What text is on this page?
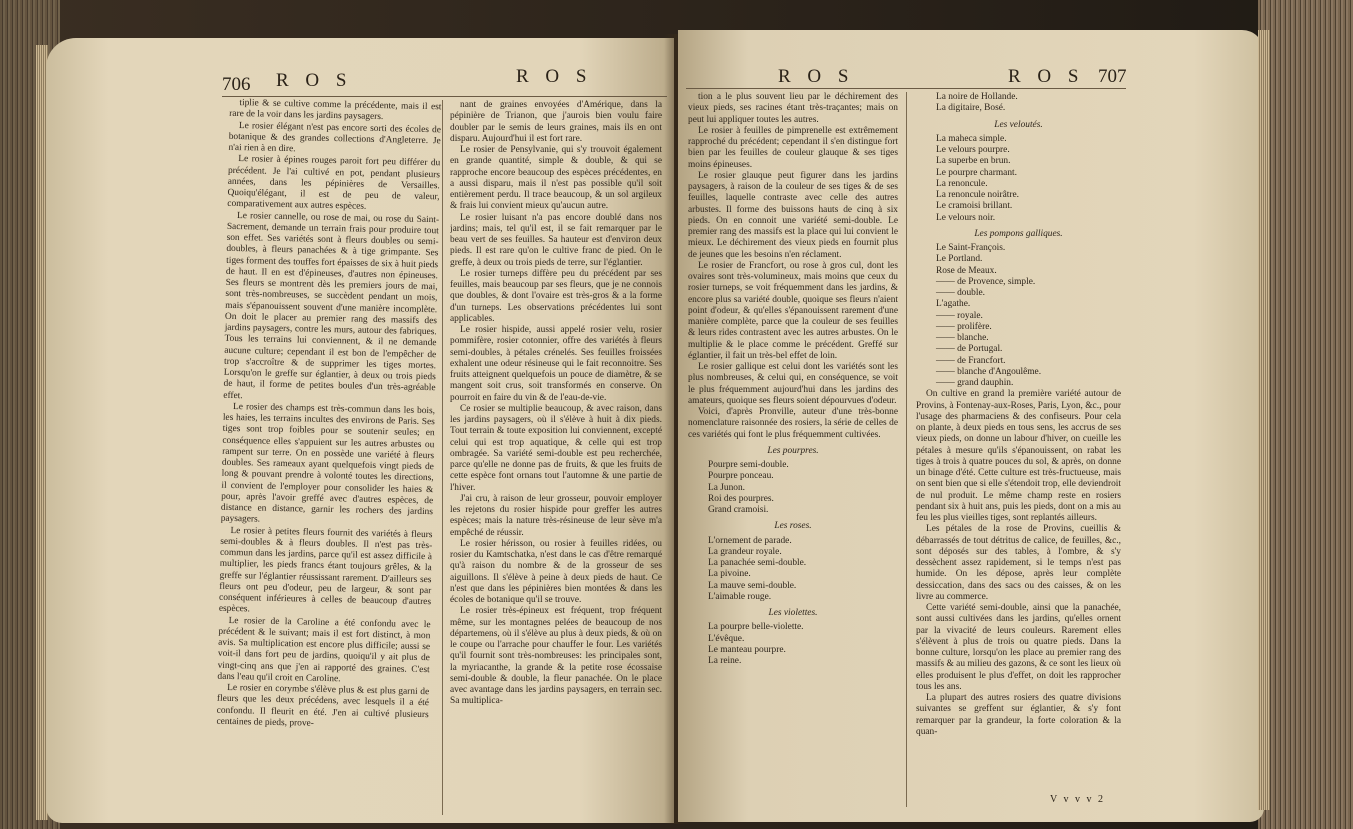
706 R O S	R O S

tiplie & se cultive comme la précédente, mais il est rare de la voir dans les jardins paysagers.

Le rosier élégant n'est pas encore sorti des écoles de botanique & des grandes collections d'Angleterre. Je n'ai rien à en dire.

Le rosier à épines rouges paroit fort peu différer du précédent. Je l'ai cultivé en pot, pendant plusieurs années, dans les pépinières de Versailles. Quoiqu'élégant, il est de peu de valeur, comparativement aux autres espèces.

Le rosier cannelle, ou rose de mai, ou rose du Saint-Sacrement, demande un terrain frais pour produire tout son effet. Ses variétés sont à fleurs doubles ou semi-doubles, à fleurs panachées & à tige grimpante. Ses tiges forment des touffes fort épaisses de six à huit pieds de haut. Il en est d'épineuses, d'autres non épineuses. Ses fleurs se montrent dès les premiers jours de mai, sont très-nombreuses, se succèdent pendant un mois, mais s'épanouissent souvent d'une manière incomplète. On doit le placer au premier rang des massifs des jardins paysagers, contre les murs, autour des fabriques. Tous les terrains lui conviennent, & il ne demande aucune culture; cependant il est bon de l'empêcher de trop s'accroître & de supprimer les tiges mortes. Lorsqu'on le greffe sur églantier, à deux ou trois pieds de haut, il forme de petites boules d'un très-agréable effet.

Le rosier des champs est très-commun dans les bois, les haies, les terrains incultes des environs de Paris. Ses tiges sont trop foibles pour se soutenir seules; en conséquence elles s'appuient sur les autres arbustes ou rampent sur terre. On en possède une variété à fleurs doubles. Ses rameaux ayant quelquefois vingt pieds de long & pouvant prendre à volonté toutes les directions, il convient de l'employer pour consolider les haies & pour, après l'avoir greffé avec d'autres espèces, de distance en distance, garnir les rochers des jardins paysagers.

Le rosier à petites fleurs fournit des variétés à fleurs semi-doubles & à fleurs doubles. Il n'est pas très-commun dans les jardins, parce qu'il est assez difficile à multiplier, les pieds francs étant toujours grêles, & la greffe sur l'églantier réussissant rarement. D'ailleurs ses fleurs ont peu d'odeur, peu de largeur, & sont par conséquent inférieures à celles de beaucoup d'autres espèces.

Le rosier de la Caroline a été confondu avec le précédent & le suivant; mais il est fort distinct, à mon avis. Sa multiplication est encore plus difficile; aussi se voit-il dans fort peu de jardins, quoiqu'il y ait plus de vingt-cinq ans que j'en ai rapporté des graines. C'est dans l'eau qu'il croit en Caroline.

Le rosier en corymbe s'élève plus & est plus garni de fleurs que les deux précédens, avec lesquels il a été confondu. Il fleurit en été. J'en ai cultivé plusieurs centaines de pieds, prove-

nant de graines envoyées d'Amérique, dans la pépinière de Trianon, que j'aurois bien voulu faire doubler par le semis de leurs graines, mais ils en ont disparu. Aujourd'hui il est fort rare.

Le rosier de Pensylvanie, qui s'y trouvoit également en grande quantité, simple & double, & qui se rapproche encore beaucoup des espèces précédentes, en a aussi disparu, mais il n'est pas possible qu'il soit entièrement perdu. Il trace beaucoup, & un sol argileux & frais lui convient mieux qu'aucun autre.

Le rosier luisant n'a pas encore doublé dans nos jardins; mais, tel qu'il est, il se fait remarquer par le beau vert de ses feuilles. Sa hauteur est d'environ deux pieds. Il est rare qu'on le cultive franc de pied. On le greffe, à deux ou trois pieds de terre, sur l'églantier.

Le rosier turneps diffère peu du précédent par ses feuilles, mais beaucoup par ses fleurs, que je ne connois que doubles, & dont l'ovaire est très-gros & a la forme d'un turneps. Les observations précédentes lui sont applicables.

Le rosier hispide, aussi appelé rosier velu, rosier pommifère, rosier cotonnier, offre des variétés à fleurs semi-doubles, à pétales crénelés. Ses feuilles froissées exhalent une odeur résineuse qui le fait reconnoitre. Ses fruits atteignent quelquefois un pouce de diamètre, & se mangent soit crus, soit transformés en conserve. On pourroit en faire du vin & de l'eau-de-vie.

Ce rosier se multiplie beaucoup, & avec raison, dans les jardins paysagers, où il s'élève à huit à dix pieds. Tout terrain & toute exposition lui conviennent, excepté celui qui est trop aquatique, & celle qui est trop ombragée. Sa variété semi-double est peu recherchée, parce qu'elle ne donne pas de fruits, & que les fruits de cette espèce font ornans tout l'automne & une partie de l'hiver.

J'ai cru, à raison de leur grosseur, pouvoir employer les rejetons du rosier hispide pour greffer les autres espèces; mais la nature très-résineuse de leur sève m'a empêché de réussir.

Le rosier hérisson, ou rosier à feuilles ridées, ou rosier du Kamtschatka, n'est dans le cas d'être remarqué qu'à raison du nombre & de la grosseur de ses aiguillons. Il s'élève à peine à deux pieds de haut. Ce n'est que dans les pépinières bien montées & dans les écoles de botanique qu'il se trouve.

Le rosier très-épineux est fréquent, trop fréquent même, sur les montagnes pelées de beaucoup de nos départemens, où il s'élève au plus à deux pieds, & où on le coupe ou l'arrache pour chauffer le four. Les variétés qu'il fournit sont très-nombreuses: les principales sont, la myriacanthe, la grande & la petite rose écossaise semi-double & double, la fleur panachée. On le place avec avantage dans les jardins paysagers, en terrain sec. Sa multiplica-

R O S	R O S 707

tion a le plus souvent lieu par le déchirement des vieux pieds, ses racines étant très-traçantes; mais on peut lui appliquer toutes les autres.

Le rosier à feuilles de pimprenelle est extrêmement rapproché du précédent; cependant il s'en distingue fort bien par les feuilles de couleur glauque & ses tiges moins épineuses.

Le rosier glauque peut figurer dans les jardins paysagers, à raison de la couleur de ses tiges & de ses feuilles, laquelle contraste avec celle des autres arbustes. Il forme des buissons hauts de cinq à six pieds. On en connoit une variété semi-double. Le premier rang des massifs est la place qui lui convient le mieux. Le déchirement des vieux pieds en fournit plus de jeunes que les besoins n'en réclament.

Le rosier de Francfort, ou rose à gros cul, dont les ovaires sont très-volumineux, mais moins que ceux du rosier turneps, se voit fréquemment dans les jardins, & encore plus sa variété double, quoique ses fleurs n'aient point d'odeur, & qu'elles s'épanouissent rarement d'une manière complète, parce que la couleur de ses feuilles & leurs rides contrastent avec les autres arbustes. On le multiplie & le place comme le précédent. Greffé sur églantier, il fait un très-bel effet de loin.

Le rosier gallique est celui dont les variétés sont les plus nombreuses, & celui qui, en conséquence, se voit le plus fréquemment aujourd'hui dans les jardins des amateurs, quoique ses fleurs soient dépourvues d'odeur.

Voici, d'après Pronville, auteur d'une très-bonne nomenclature raisonnée des rosiers, la série de celles de ces variétés qui font le plus fréquemment cultivées.

Les pourpres.

Pourpre semi-double.
Pourpre ponceau.
La Junon.
Roi des pourpres.
Grand cramoisi.

Les roses.

L'ornement de parade.
La grandeur royale.
La panachée semi-double.
La pivoine.
La mauve semi-double.
L'aimable rouge.

Les violettes.

La pourpre belle-violette.
L'évêque.
Le manteau pourpre.
La reine.
La noire de Hollande.
La digitaire, Bosé.

Les veloutés.

La maheca simple.
Le velours pourpre.
La superbe en brun.
Le pourpre charmant.
La renoncule.
La renoncule noirâtre.
Le cramoisi brillant.
Le velours noir.

Les pompons galliques.

Le Saint-François.
Le Portland.
Rose de Meaux.
—— de Provence, simple.
—— double.
L'agathe.
—— royale.
—— prolifère.
—— blanche.
—— de Portugal.
—— de Francfort.
—— blanche d'Angoulême.
—— grand dauphin.

On cultive en grand la première variété autour de Provins, à Fontenay-aux-Roses, Paris, Lyon, &c., pour l'usage des pharmaciens & des confiseurs. Pour cela on plante, à deux pieds en tous sens, les accrus de ses vieux pieds, on donne un labour d'hiver, on cueille les pétales à mesure qu'ils s'épanouissent, on rabat les tiges à trois à quatre pouces du sol, & après, on donne un binage d'été. Cette culture est très-fructueuse, mais on sent bien que si elle s'étendoit trop, elle deviendroit de nul produit. Le même champ reste en rosiers pendant six à huit ans, puis les pieds, dont on a mis au feu les plus vieilles tiges, sont replantés ailleurs.

Les pétales de la rose de Provins, cueillis & débarrassés de tout détritus de calice, de feuilles, &c., sont déposés sur des tables, à l'ombre, & s'y dessèchent assez rapidement, si le temps n'est pas humide. On les dépose, après leur complète dessiccation, dans des sacs ou des caisses, & on les livre au commerce.

Cette variété semi-double, ainsi que la panachée, sont aussi cultivées dans les jardins, qu'elles ornent par la vivacité de leurs couleurs. Rarement elles s'élèvent à plus de trois ou quatre pieds. Dans la bonne culture, lorsqu'on les place au premier rang des massifs & au milieu des gazons, & ce sont les lieux où elles produisent le plus d'effet, on doit les rapprocher tous les ans.

La plupart des autres rosiers des quatre divisions suivantes se greffent sur églantier, & s'y font remarquer par la grandeur, la forte coloration & la quan-

V v v v 2
